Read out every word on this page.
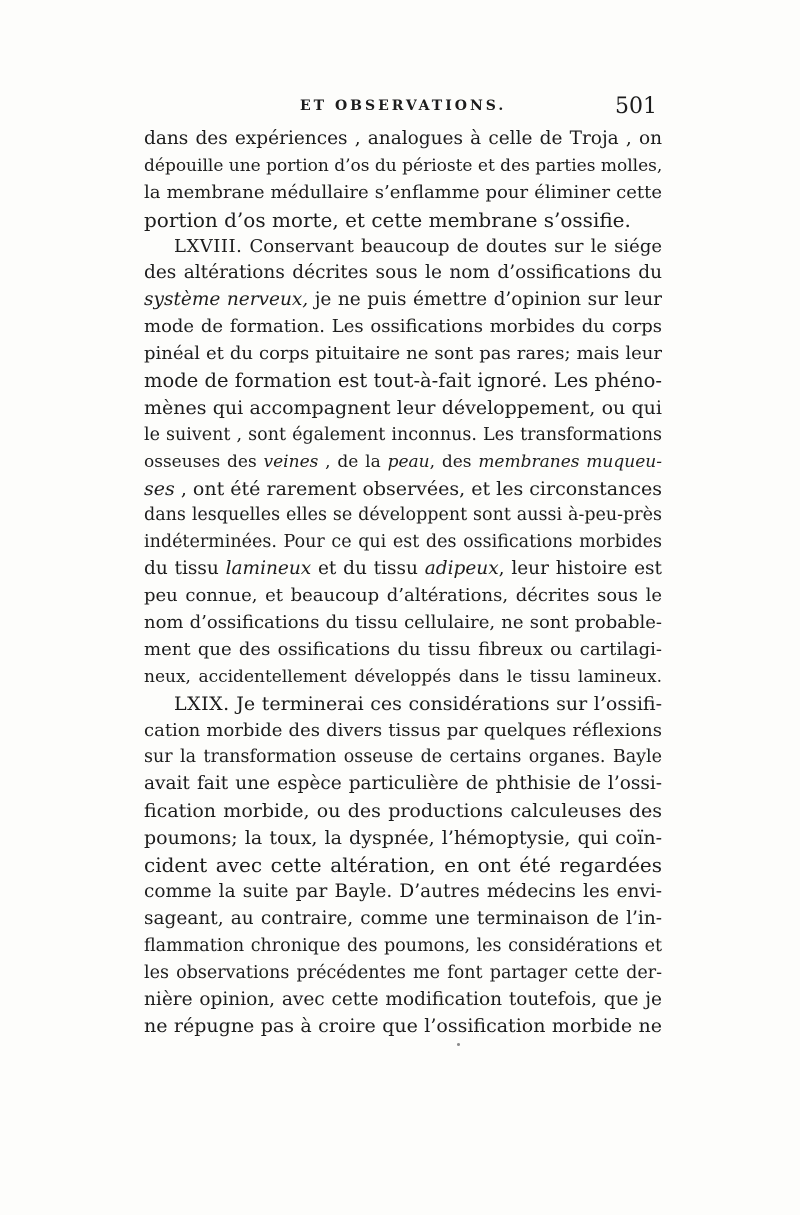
ET OBSERVATIONS.	501
dans des expériences , analogues à celle de Troja , on
dépouille une portion d’os du périoste et des parties molles,
la membrane médullaire s’enflamme pour éliminer cette
portion d’os morte, et cette membrane s’ossifie.
LXVIII. Conservant beaucoup de doutes sur le siége
des altérations décrites sous le nom d’ossifications du
système nerveux, je ne puis émettre d’opinion sur leur
mode de formation. Les ossifications morbides du corps
pinéal et du corps pituitaire ne sont pas rares; mais leur
mode de formation est tout-à-fait ignoré. Les phéno-
mènes qui accompagnent leur développement, ou qui
le suivent , sont également inconnus. Les transformations
osseuses des veines , de la peau, des membranes muqueu-
ses , ont été rarement observées, et les circonstances
dans lesquelles elles se développent sont aussi à-peu-près
indéterminées. Pour ce qui est des ossifications morbides
du tissu lamineux et du tissu adipeux, leur histoire est
peu connue, et beaucoup d’altérations, décrites sous le
nom d’ossifications du tissu cellulaire, ne sont probable-
ment que des ossifications du tissu fibreux ou cartilagi-
neux, accidentellement développés dans le tissu lamineux.
LXIX. Je terminerai ces considérations sur l’ossifi-
cation morbide des divers tissus par quelques réflexions
sur la transformation osseuse de certains organes. Bayle
avait fait une espèce particulière de phthisie de l’ossi-
fication morbide, ou des productions calculeuses des
poumons; la toux, la dyspnée, l’hémoptysie, qui coïn-
cident avec cette altération, en ont été regardées
comme la suite par Bayle. D’autres médecins les envi-
sageant, au contraire, comme une terminaison de l’in-
flammation chronique des poumons, les considérations et
les observations précédentes me font partager cette der-
nière opinion, avec cette modification toutefois, que je
ne répugne pas à croire que l’ossification morbide ne
